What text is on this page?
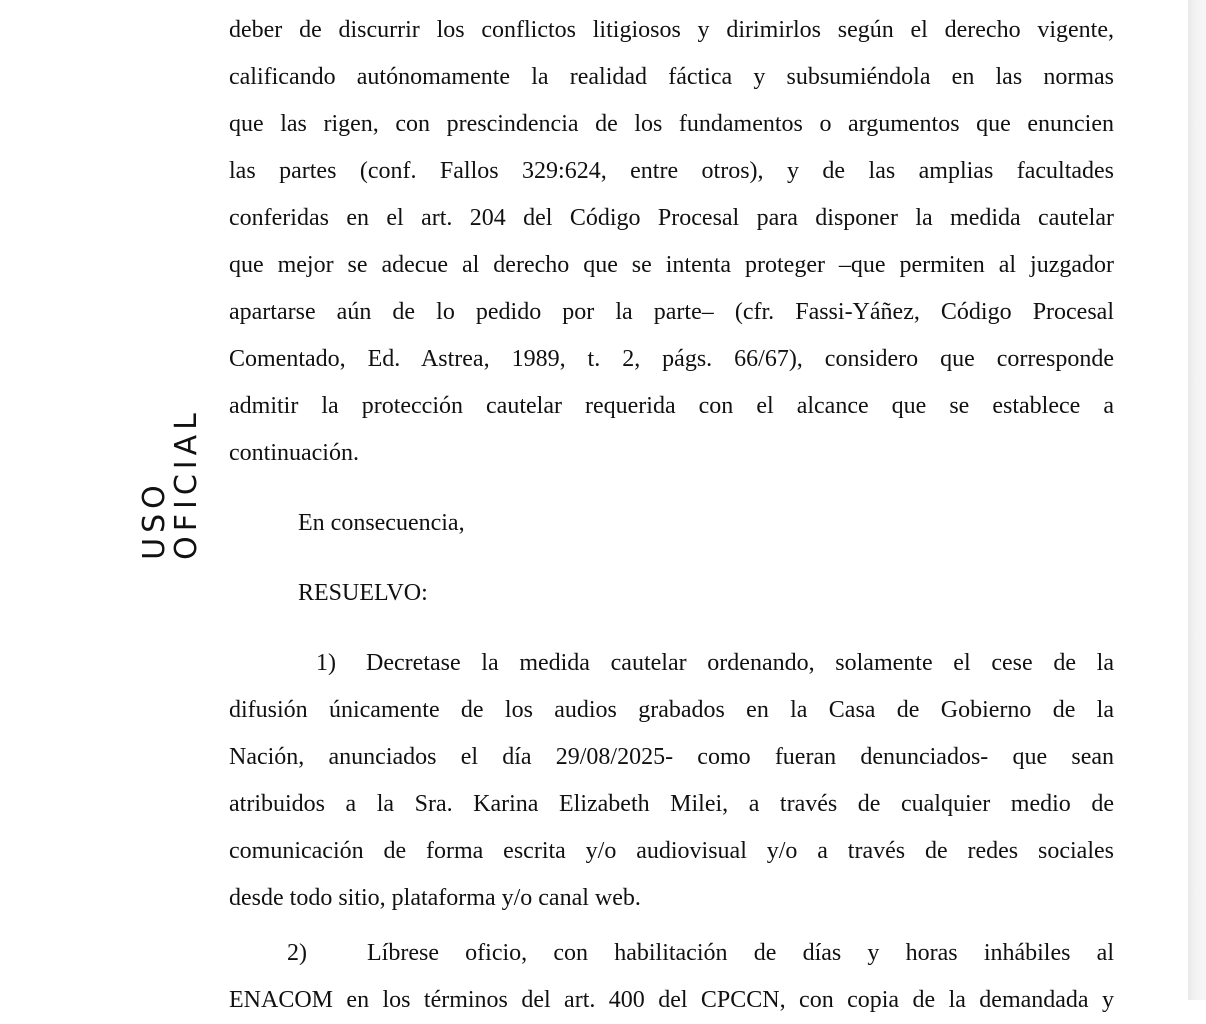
USO
OFICIAL
deber de discurrir los conflictos litigiosos y dirimirlos según el derecho vigente,
calificando autónomamente la realidad fáctica y subsumiéndola en las normas
que las rigen, con prescindencia de los fundamentos o argumentos que enuncien
las partes (conf. Fallos 329:624, entre otros), y de las amplias facultades
conferidas en el art. 204 del Código Procesal para disponer la medida cautelar
que mejor se adecue al derecho que se intenta proteger –que permiten al juzgador
apartarse aún de lo pedido por la parte– (cfr. Fassi-Yáñez, Código Procesal
Comentado, Ed. Astrea, 1989, t. 2, págs. 66/67), considero que corresponde
admitir la protección cautelar requerida con el alcance que se establece a
continuación.

En consecuencia,

RESUELVO:

1) Decretase la medida cautelar ordenando, solamente el cese de la
difusión únicamente de los audios grabados en la Casa de Gobierno de la
Nación, anunciados el día 29/08/2025- como fueran denunciados- que sean
atribuidos a la Sra. Karina Elizabeth Milei, a través de cualquier medio de
comunicación de forma escrita y/o audiovisual y/o a través de redes sociales
desde todo sitio, plataforma y/o canal web.
2)	Líbrese oficio, con habilitación de días y horas inhábiles al
ENACOM en los términos del art. 400 del CPCCN, con copia de la demandada y
